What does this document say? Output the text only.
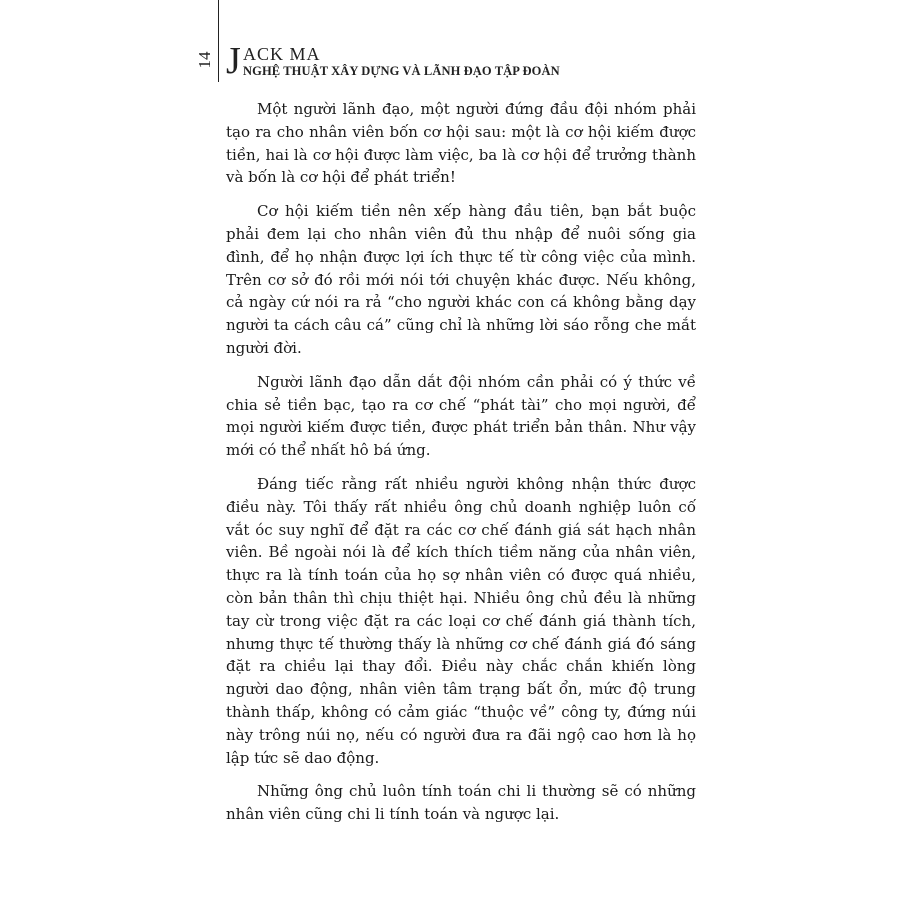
14 J ACK MA
NGHỆ THUẬT XÂY DỰNG VÀ LÃNH ĐẠO TẬP ĐOÀN

Một người lãnh đạo, một người đứng đầu đội nhóm phải tạo ra cho nhân viên bốn cơ hội sau: một là cơ hội kiếm được tiền, hai là cơ hội được làm việc, ba là cơ hội để trưởng thành và bốn là cơ hội để phát triển!

Cơ hội kiếm tiền nên xếp hàng đầu tiên, bạn bắt buộc phải đem lại cho nhân viên đủ thu nhập để nuôi sống gia đình, để họ nhận được lợi ích thực tế từ công việc của mình. Trên cơ sở đó rồi mới nói tới chuyện khác được. Nếu không, cả ngày cứ nói ra rả “cho người khác con cá không bằng dạy người ta cách câu cá” cũng chỉ là những lời sáo rỗng che mắt người đời.

Người lãnh đạo dẫn dắt đội nhóm cần phải có ý thức về chia sẻ tiền bạc, tạo ra cơ chế “phát tài” cho mọi người, để mọi người kiếm được tiền, được phát triển bản thân. Như vậy mới có thể nhất hô bá ứng.

Đáng tiếc rằng rất nhiều người không nhận thức được điều này. Tôi thấy rất nhiều ông chủ doanh nghiệp luôn cố vắt óc suy nghĩ để đặt ra các cơ chế đánh giá sát hạch nhân viên. Bề ngoài nói là để kích thích tiềm năng của nhân viên, thực ra là tính toán của họ sợ nhân viên có được quá nhiều, còn bản thân thì chịu thiệt hại. Nhiều ông chủ đều là những tay cừ trong việc đặt ra các loại cơ chế đánh giá thành tích, nhưng thực tế thường thấy là những cơ chế đánh giá đó sáng đặt ra chiều lại thay đổi. Điều này chắc chắn khiến lòng người dao động, nhân viên tâm trạng bất ổn, mức độ trung thành thấp, không có cảm giác “thuộc về” công ty, đứng núi này trông núi nọ, nếu có người đưa ra đãi ngộ cao hơn là họ lập tức sẽ dao động.

Những ông chủ luôn tính toán chi li thường sẽ có những nhân viên cũng chi li tính toán và ngược lại.
